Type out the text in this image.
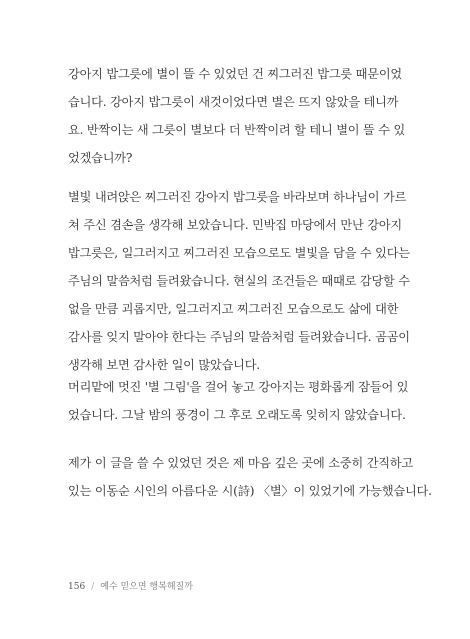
강아지 밥그릇에 별이 뜰 수 있었던 건 찌그러진 밥그릇 때문이었
습니다. 강아지 밥그릇이 새것이었다면 별은 뜨지 않았을 테니까
요. 반짝이는 새 그릇이 별보다 더 반짝이려 할 테니 별이 뜰 수 있
었겠습니까?
별빛 내려앉은 찌그러진 강아지 밥그릇을 바라보며 하나님이 가르
쳐 주신 겸손을 생각해 보았습니다. 민박집 마당에서 만난 강아지
밥그릇은, 일그러지고 찌그러진 모습으로도 별빛을 담을 수 있다는
주님의 말씀처럼 들려왔습니다. 현실의 조건들은 때때로 감당할 수
없을 만큼 괴롭지만, 일그러지고 찌그러진 모습으로도 삶에 대한
감사를 잊지 말아야 한다는 주님의 말씀처럼 들려왔습니다. 곰곰이
생각해 보면 감사한 일이 많았습니다.
머리맡에 멋진 '별 그림'을 걸어 놓고 강아지는 평화롭게 잠들어 있
었습니다. 그날 밤의 풍경이 그 후로 오래도록 잊히지 않았습니다.
제가 이 글을 쓸 수 있었던 것은 제 마음 깊은 곳에 소중히 간직하고
있는 이동순 시인의 아름다운 시(詩) 〈별〉이 있었기에 가능했습니다.
156 / 예수 믿으면 행복해질까
